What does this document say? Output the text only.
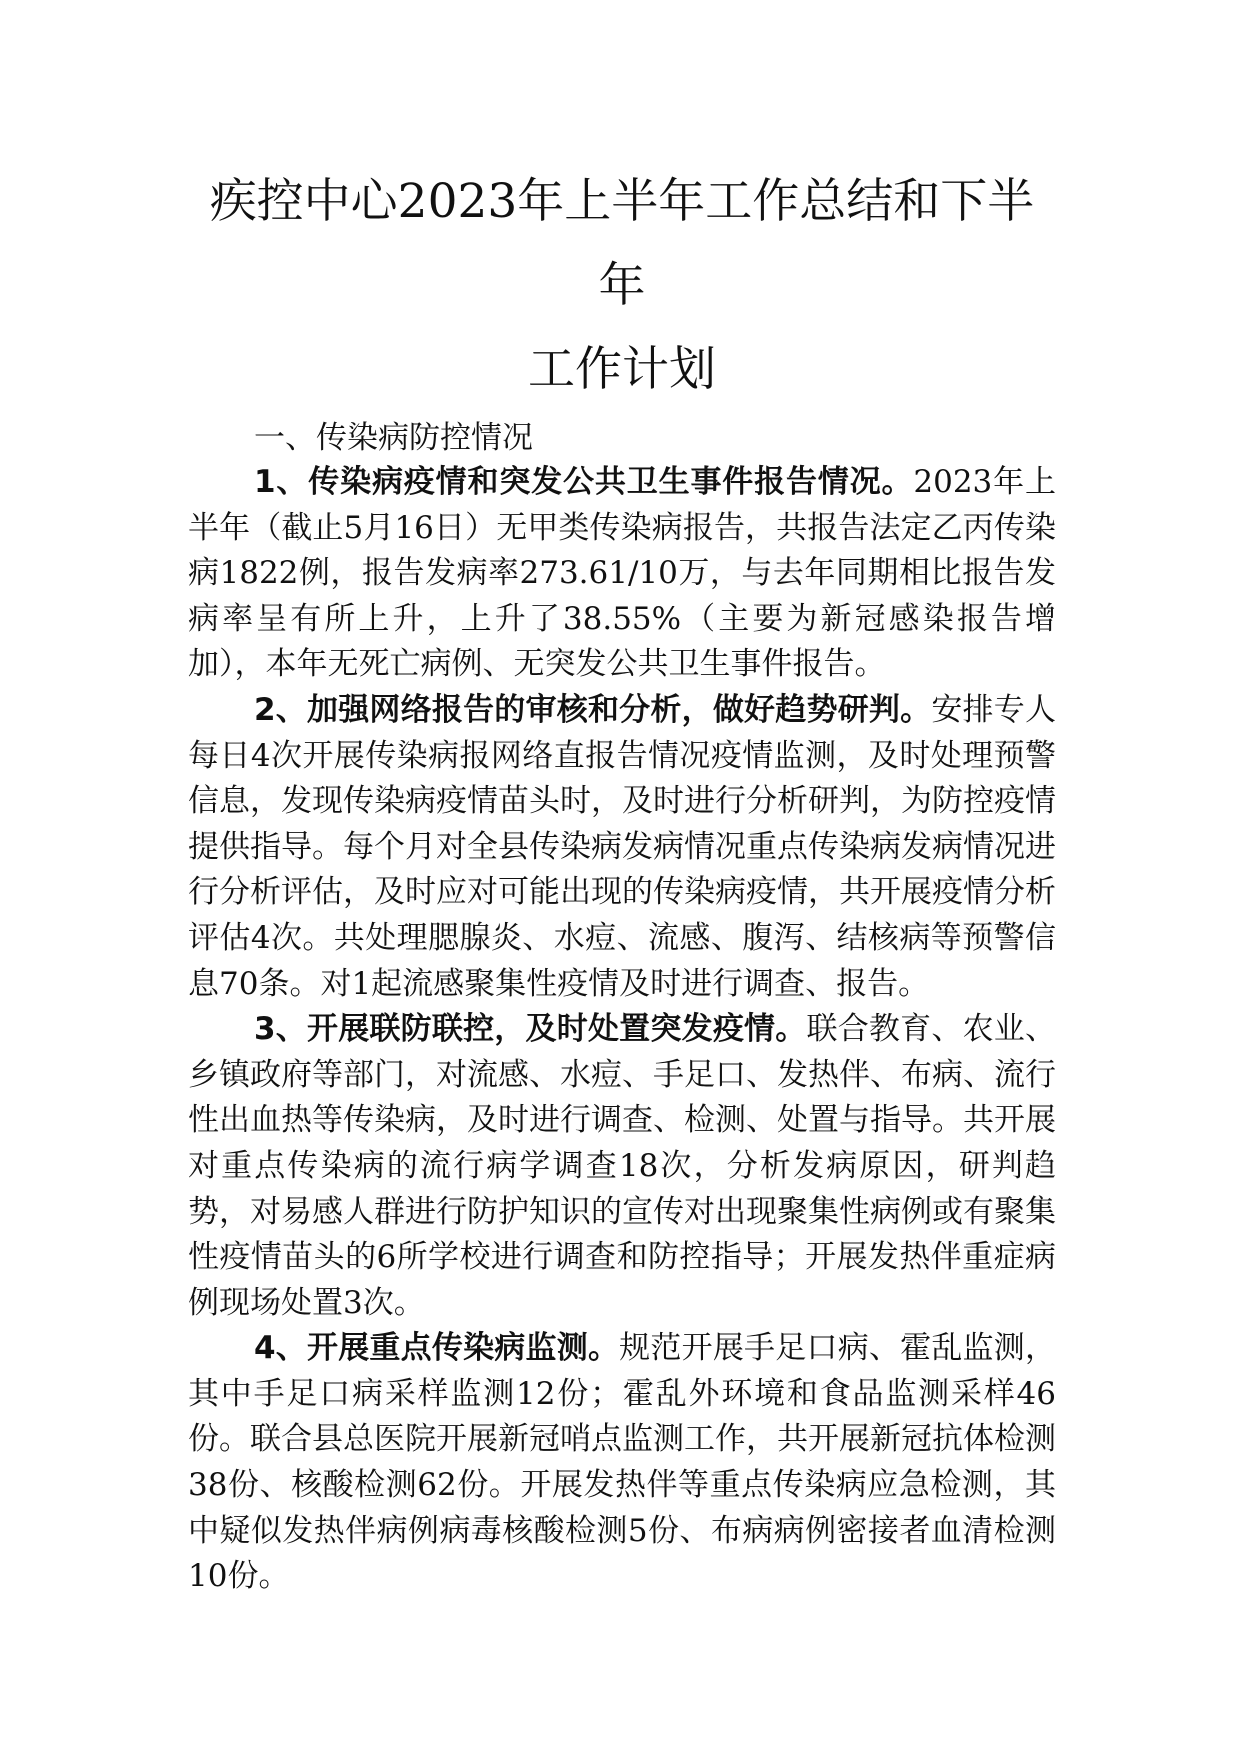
疾控中心2023年上半年工作总结和下半年
工作计划

一、传染病防控情况

1、传染病疫情和突发公共卫生事件报告情况。2023年上半年（截止5月16日）无甲类传染病报告，共报告法定乙丙传染病1822例，报告发病率273.61/10万，与去年同期相比报告发病率呈有所上升，上升了38.55%（主要为新冠感染报告增加），本年无死亡病例、无突发公共卫生事件报告。

2、加强网络报告的审核和分析，做好趋势研判。安排专人每日4次开展传染病报网络直报告情况疫情监测，及时处理预警信息，发现传染病疫情苗头时，及时进行分析研判，为防控疫情提供指导。每个月对全县传染病发病情况重点传染病发病情况进行分析评估，及时应对可能出现的传染病疫情，共开展疫情分析评估4次。共处理腮腺炎、水痘、流感、腹泻、结核病等预警信息70条。对1起流感聚集性疫情及时进行调查、报告。

3、开展联防联控，及时处置突发疫情。联合教育、农业、乡镇政府等部门，对流感、水痘、手足口、发热伴、布病、流行性出血热等传染病，及时进行调查、检测、处置与指导。共开展对重点传染病的流行病学调查18次，分析发病原因，研判趋势，对易感人群进行防护知识的宣传对出现聚集性病例或有聚集性疫情苗头的6所学校进行调查和防控指导；开展发热伴重症病例现场处置3次。

4、开展重点传染病监测。规范开展手足口病、霍乱监测，其中手足口病采样监测12份；霍乱外环境和食品监测采样46份。联合县总医院开展新冠哨点监测工作，共开展新冠抗体检测38份、核酸检测62份。开展发热伴等重点传染病应急检测，其中疑似发热伴病例病毒核酸检测5份、布病病例密接者血清检测10份。
